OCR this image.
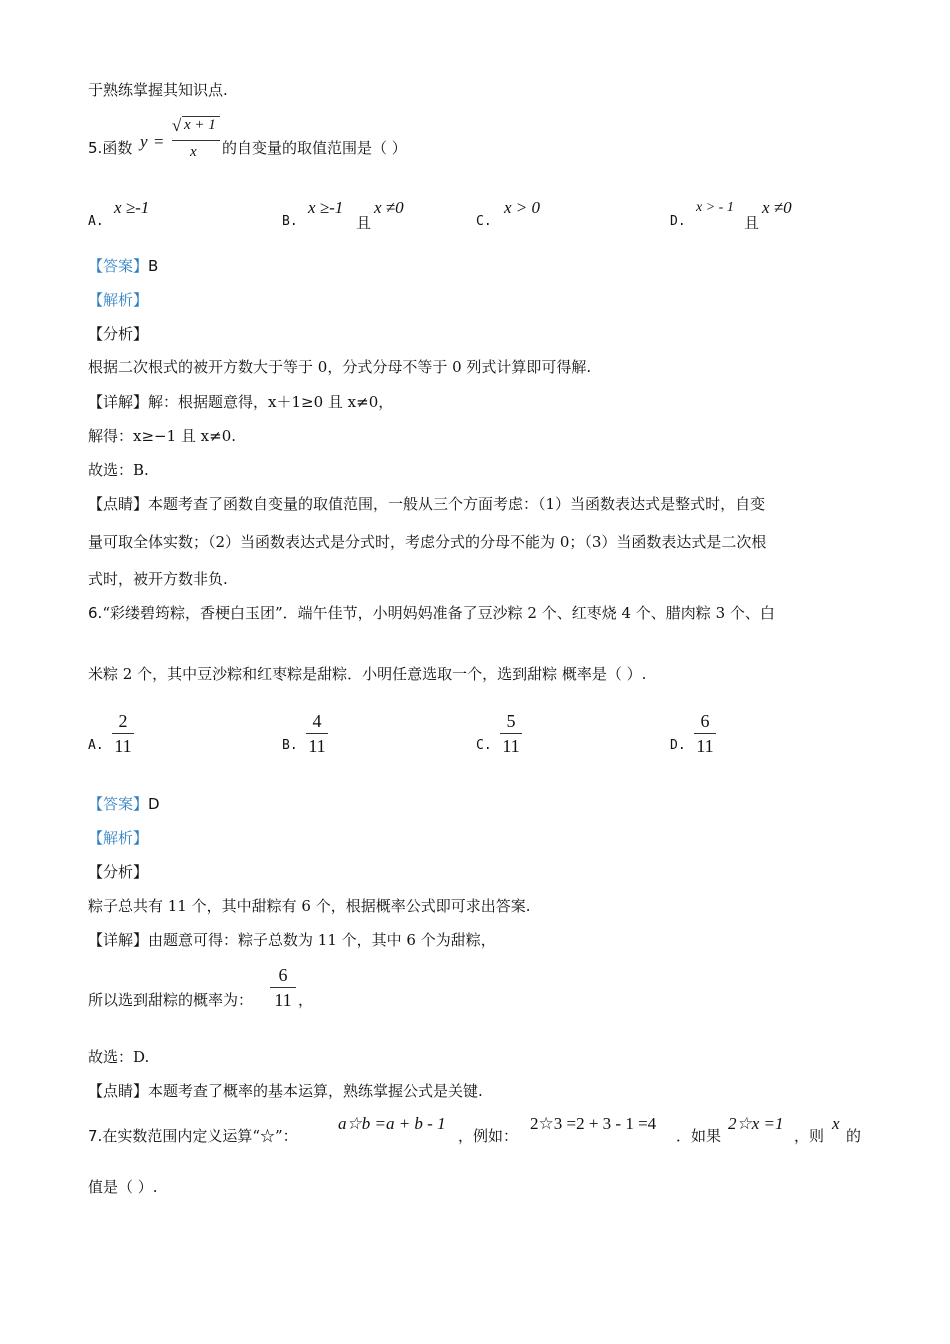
于熟练掌握其知识点.
5.函数 y =
√ x + 1
x 的自变量的取值范围是（ ）
A.
x ≥-1
B.
x ≥-1
且
x ≠0
C.
x > 0
D.
x > - 1
且
x ≠0
【答案】B
【解析】
【分析】
根据二次根式的被开方数大于等于 0，分式分母不等于 0 列式计算即可得解.
【详解】解：根据题意得，x＋1≥0 且 x≠0，
解得：x≥−1 且 x≠0.
故选：B.
【点睛】本题考查了函数自变量的取值范围，一般从三个方面考虑：（1）当函数表达式是整式时，自变
量可取全体实数；（2）当函数表达式是分式时，考虑分式的分母不能为 0；（3）当函数表达式是二次根
式时，被开方数非负.
6.“彩缕碧筠粽，香梗白玉团”．端午佳节，小明妈妈准备了豆沙粽 2 个、红枣烧 4 个、腊肉粽 3 个、白
米粽 2 个，其中豆沙粽和红枣粽是甜粽．小明任意选取一个，选到甜粽 概率是（ ）.
A.
2
11	B.
4
11	C.
5
11	D.
6
11
【答案】D
【解析】
【分析】
粽子总共有 11 个，其中甜粽有 6 个，根据概率公式即可求出答案.
【详解】由题意可得：粽子总数为 11 个，其中 6 个为甜粽，
所以选到甜粽的概率为：
6
11 ，
故选：D.
【点睛】本题考查了概率的基本运算，熟练掌握公式是关键.
7.在实数范围内定义运算“☆”：
a☆b =a + b - 1
，例如：
2☆3 =2 + 3 - 1 =4
．如果
2☆x =1
，则
x
的
值是（ ）.
